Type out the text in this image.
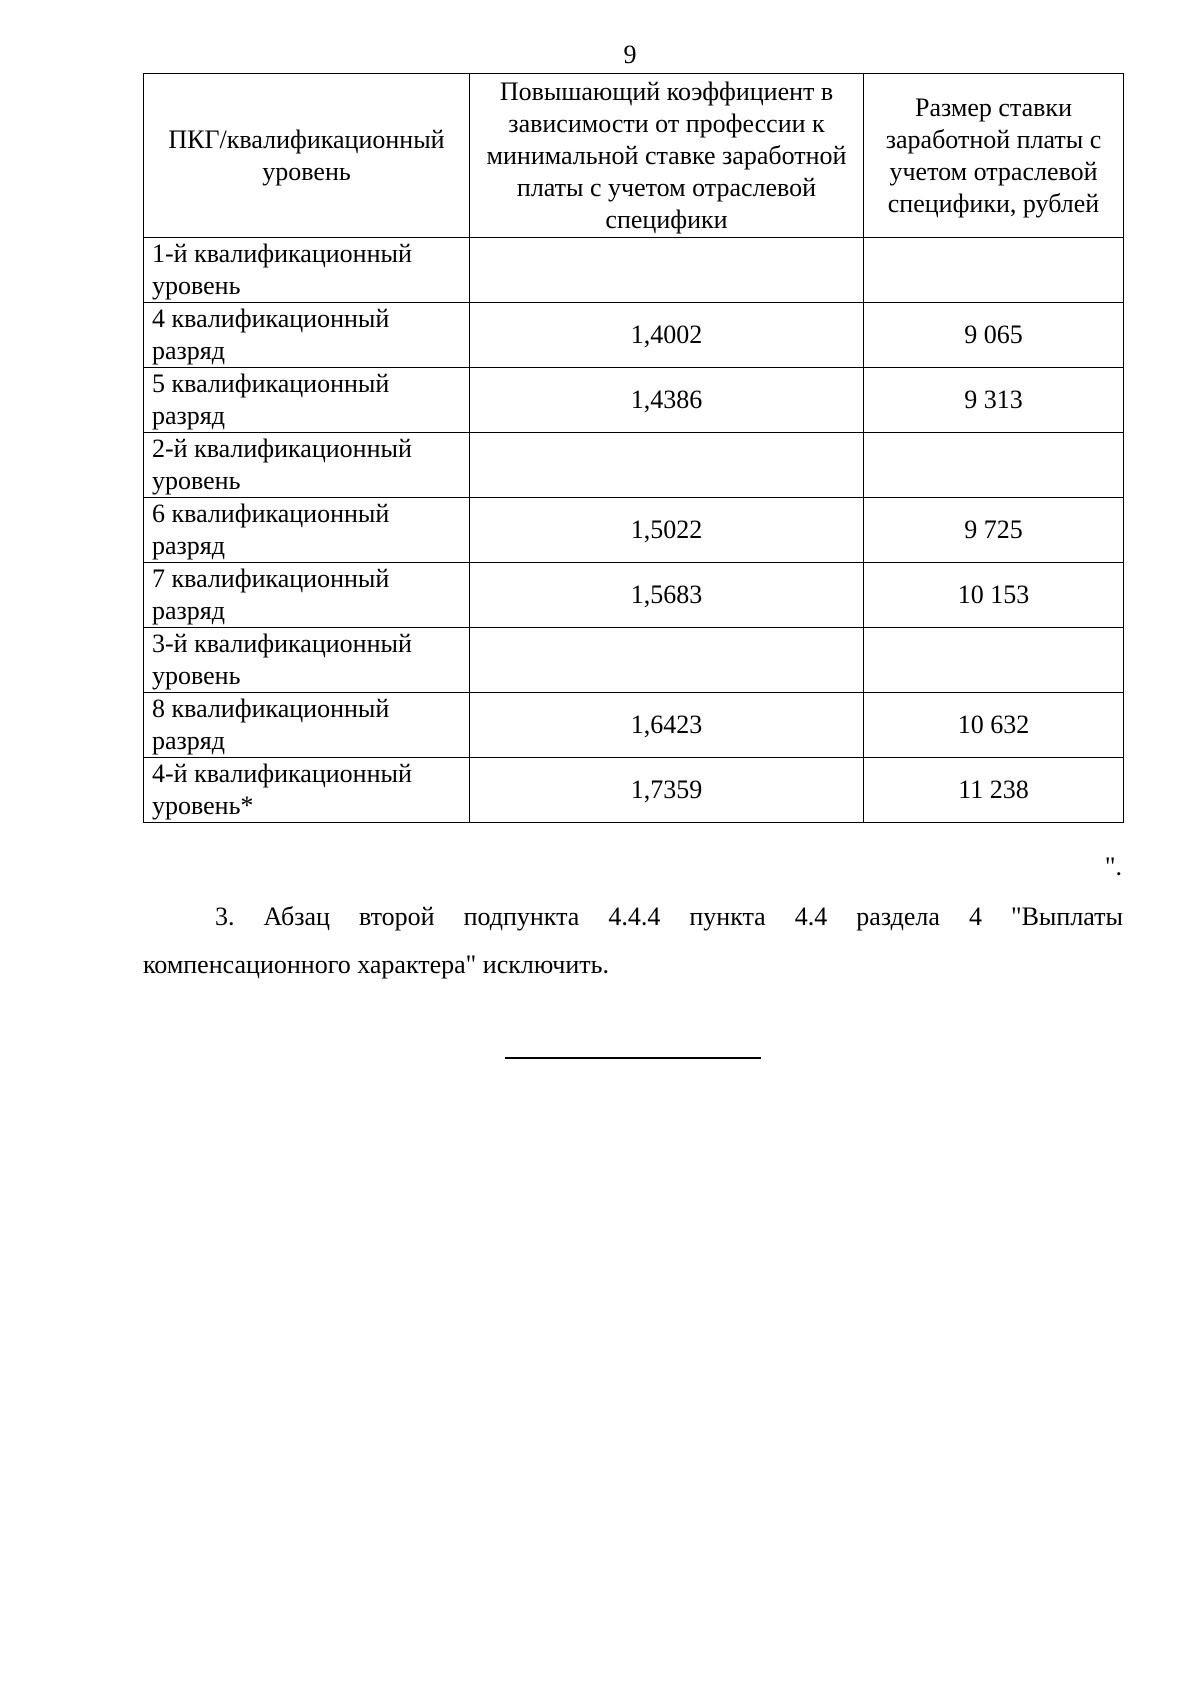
9
ПКГ/квалификационный уровень	Повышающий коэффициент в зависимости от профессии к минимальной ставке заработной платы с учетом отраслевой специфики	Размер ставки заработной платы с учетом отраслевой специфики, рублей
1-й квалификационный уровень		
4 квалификационный разряд	1,4002	9 065
5 квалификационный разряд	1,4386	9 313
2-й квалификационный уровень		
6 квалификационный разряд	1,5022	9 725
7 квалификационный разряд	1,5683	10 153
3-й квалификационный уровень		
8 квалификационный разряд	1,6423	10 632
4-й квалификационный уровень*	1,7359	11 238
".

3. Абзац второй подпункта 4.4.4 пункта 4.4 раздела 4 "Выплаты компенсационного характера" исключить.
